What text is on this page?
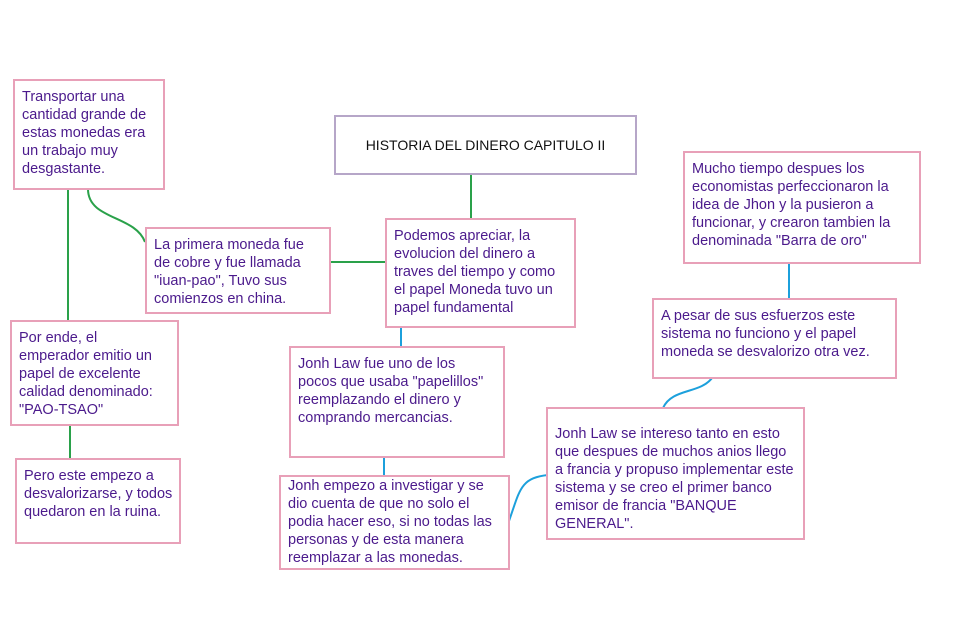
HISTORIA DEL DINERO CAPITULO II
Transportar una cantidad grande de estas monedas era un trabajo muy desgastante.
La primera moneda fue de cobre y fue llamada "iuan-pao", Tuvo sus comienzos en china.
Por ende, el emperador emitio un papel de excelente calidad denominado: "PAO-TSAO"
Pero este empezo a desvalorizarse, y todos quedaron en la ruina.
Podemos apreciar, la evolucion del dinero a traves del tiempo y como el papel Moneda tuvo un papel fundamental
Jonh Law fue uno de los pocos que usaba "papelillos" reemplazando el dinero y comprando mercancias.
Jonh empezo a investigar y se dio cuenta de que no solo el podia hacer eso, si no todas las personas y de esta manera reemplazar a las monedas.
Jonh Law se intereso tanto en esto que despues de muchos anios llego a francia y propuso implementar este sistema y se creo el primer banco emisor de francia "BANQUE GENERAL".
A pesar de sus esfuerzos este sistema no funciono y el papel moneda se desvalorizo otra vez.
Mucho tiempo despues los economistas perfeccionaron la idea de Jhon y la pusieron a funcionar, y crearon tambien la denominada "Barra de oro"
